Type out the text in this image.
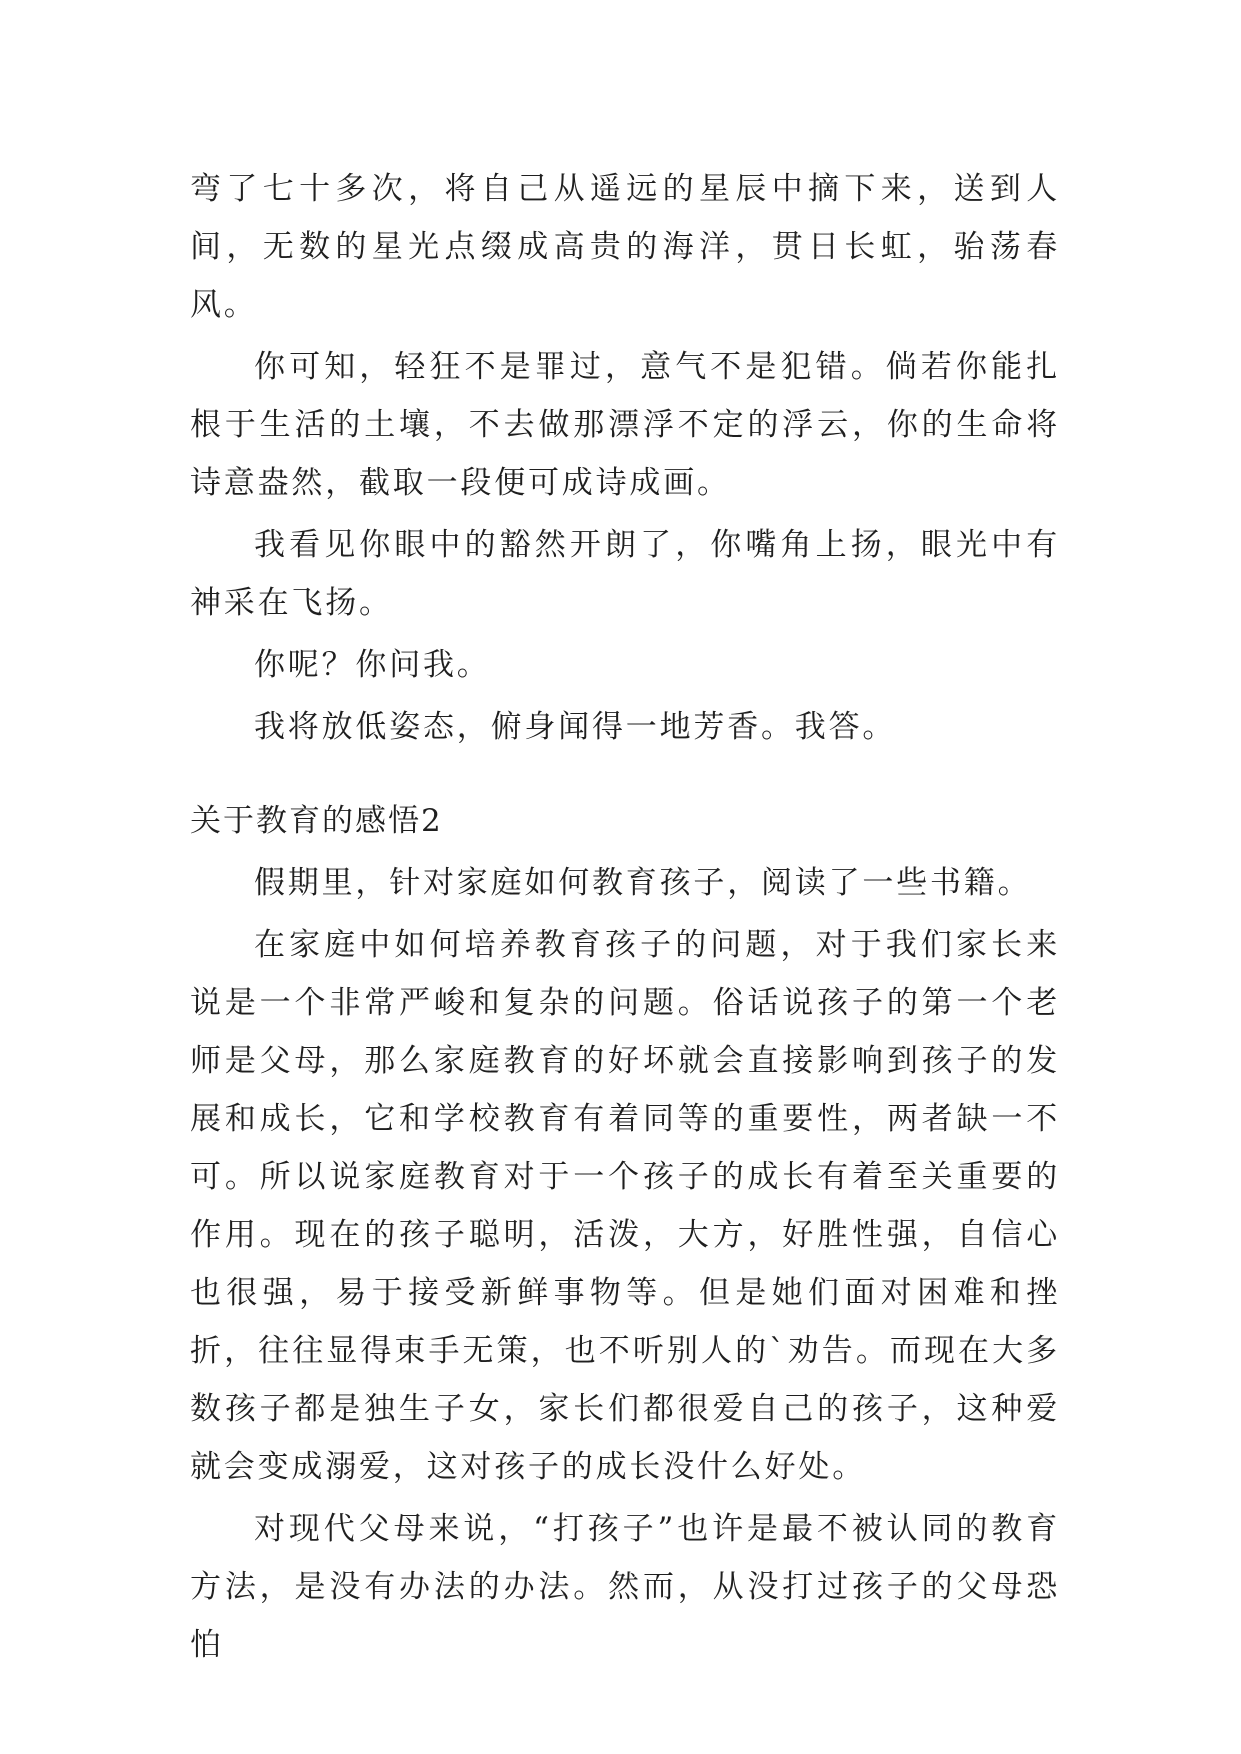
弯了七十多次，将自己从遥远的星辰中摘下来，送到人间，无数的星光点缀成高贵的海洋，贯日长虹，骀荡春风。

你可知，轻狂不是罪过，意气不是犯错。倘若你能扎根于生活的土壤，不去做那漂浮不定的浮云，你的生命将诗意盎然，截取一段便可成诗成画。

我看见你眼中的豁然开朗了，你嘴角上扬，眼光中有神采在飞扬。

你呢？你问我。

我将放低姿态，俯身闻得一地芳香。我答。

关于教育的感悟2

假期里，针对家庭如何教育孩子，阅读了一些书籍。

在家庭中如何培养教育孩子的问题，对于我们家长来说是一个非常严峻和复杂的问题。俗话说孩子的第一个老师是父母，那么家庭教育的好坏就会直接影响到孩子的发展和成长，它和学校教育有着同等的重要性，两者缺一不可。所以说家庭教育对于一个孩子的成长有着至关重要的作用。现在的孩子聪明，活泼，大方，好胜性强，自信心也很强，易于接受新鲜事物等。但是她们面对困难和挫折，往往显得束手无策，也不听别人的`劝告。而现在大多数孩子都是独生子女，家长们都很爱自己的孩子，这种爱就会变成溺爱，这对孩子的成长没什么好处。

对现代父母来说，“打孩子”也许是最不被认同的教育方法，是没有办法的办法。然而，从没打过孩子的父母恐怕
